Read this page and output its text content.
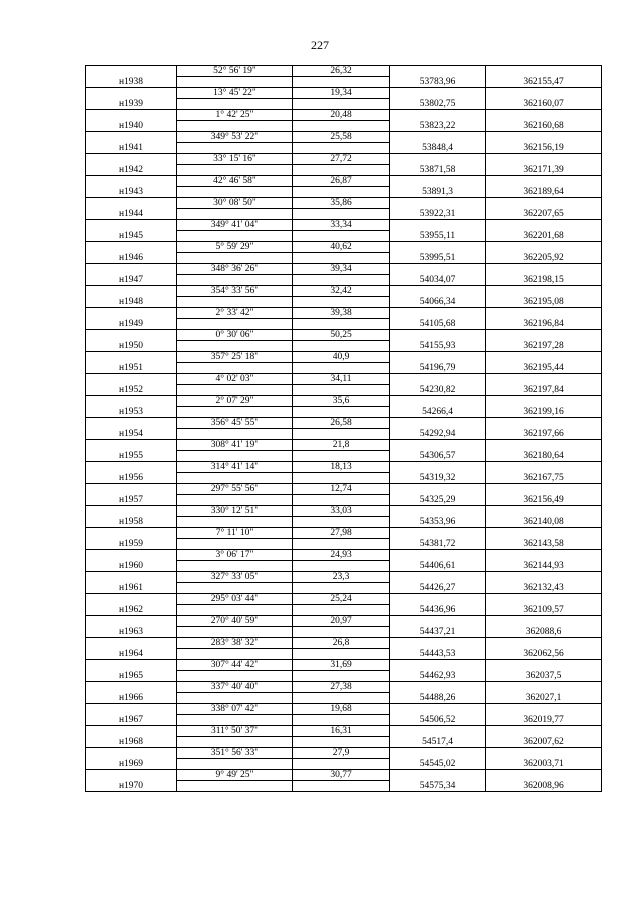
227
	52° 56' 19"	26,32		
н1938			53783,96	362155,47
	13° 45' 22"	19,34		
н1939			53802,75	362160,07
	1° 42' 25"	20,48		
н1940			53823,22	362160,68
	349° 53' 22"	25,58		
н1941			53848,4	362156,19
	33° 15' 16"	27,72		
н1942			53871,58	362171,39
	42° 46' 58"	26,87		
н1943			53891,3	362189,64
	30° 08' 50"	35,86		
н1944			53922,31	362207,65
	349° 41' 04"	33,34		
н1945			53955,11	362201,68
	5° 59' 29"	40,62		
н1946			53995,51	362205,92
	348° 36' 26"	39,34		
н1947			54034,07	362198,15
	354° 33' 56"	32,42		
н1948			54066,34	362195,08
	2° 33' 42"	39,38		
н1949			54105,68	362196,84
	0° 30' 06"	50,25		
н1950			54155,93	362197,28
	357° 25' 18"	40,9		
н1951			54196,79	362195,44
	4° 02' 03"	34,11		
н1952			54230,82	362197,84
	2° 07' 29"	35,6		
н1953			54266,4	362199,16
	356° 45' 55"	26,58		
н1954			54292,94	362197,66
	308° 41' 19"	21,8		
н1955			54306,57	362180,64
	314° 41' 14"	18,13		
н1956			54319,32	362167,75
	297° 55' 56"	12,74		
н1957			54325,29	362156,49
	330° 12' 51"	33,03		
н1958			54353,96	362140,08
	7° 11' 10"	27,98		
н1959			54381,72	362143,58
	3° 06' 17"	24,93		
н1960			54406,61	362144,93
	327° 33' 05"	23,3		
н1961			54426,27	362132,43
	295° 03' 44"	25,24		
н1962			54436,96	362109,57
	270° 40' 59"	20,97		
н1963			54437,21	362088,6
	283° 38' 32"	26,8		
н1964			54443,53	362062,56
	307° 44' 42"	31,69		
н1965			54462,93	362037,5
	337° 40' 40"	27,38		
н1966			54488,26	362027,1
	338° 07' 42"	19,68		
н1967			54506,52	362019,77
	311° 50' 37"	16,31		
н1968			54517,4	362007,62
	351° 56' 33"	27,9		
н1969			54545,02	362003,71
	9° 49' 25"	30,77		
н1970			54575,34	362008,96
